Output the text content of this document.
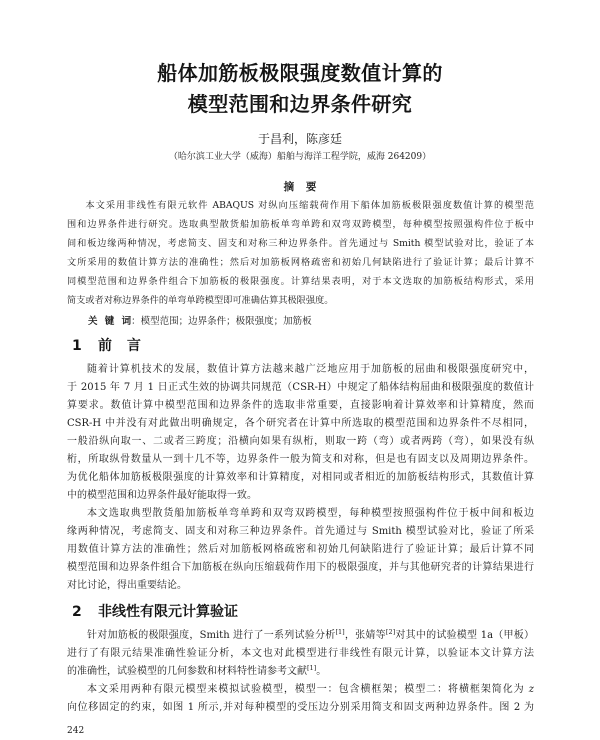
船体加筋板极限强度数值计算的
模型范围和边界条件研究
于昌利，陈彦廷
（哈尔滨工业大学（威海）船舶与海洋工程学院，威海 264209）
摘 要
本文采用非线性有限元软件 ABAQUS 对纵向压缩载荷作用下船体加筋板极限强度数值计算的模型范
围和边界条件进行研究。选取典型散货船加筋板单弯单跨和双弯双跨模型，每种模型按照强构件位于板中
间和板边缘两种情况，考虑简支、固支和对称三种边界条件。首先通过与 Smith 模型试验对比，验证了本
文所采用的数值计算方法的准确性；然后对加筋板网格疏密和初始几何缺陷进行了验证计算；最后计算不
同模型范围和边界条件组合下加筋板的极限强度。计算结果表明，对于本文选取的加筋板结构形式，采用
简支或者对称边界条件的单弯单跨模型即可准确估算其极限强度。
关 键 词：模型范围；边界条件；极限强度；加筋板
1 前 言
随着计算机技术的发展，数值计算方法越来越广泛地应用于加筋板的屈曲和极限强度研究中，
于 2015 年 7 月 1 日正式生效的协调共同规范（CSR-H）中规定了船体结构屈曲和极限强度的数值计
算要求。数值计算中模型范围和边界条件的选取非常重要，直接影响着计算效率和计算精度，然而
CSR-H 中并没有对此做出明确规定，各个研究者在计算中所选取的模型范围和边界条件不尽相同，
一般沿纵向取一、二或者三跨度；沿横向如果有纵桁，则取一跨（弯）或者两跨（弯），如果没有纵
桁，所取纵骨数量从一到十几不等，边界条件一般为简支和对称，但是也有固支以及周期边界条件。
为优化船体加筋板极限强度的计算效率和计算精度，对相同或者相近的加筋板结构形式，其数值计算
中的模型范围和边界条件最好能取得一致。
本文选取典型散货船加筋板单弯单跨和双弯双跨模型，每种模型按照强构件位于板中间和板边
缘两种情况，考虑简支、固支和对称三种边界条件。首先通过与 Smith 模型试验对比，验证了所采
用数值计算方法的准确性；然后对加筋板网格疏密和初始几何缺陷进行了验证计算；最后计算不同
模型范围和边界条件组合下加筋板在纵向压缩载荷作用下的极限强度，并与其他研究者的计算结果进行
对比讨论，得出重要结论。
2 非线性有限元计算验证
针对加筋板的极限强度，Smith 进行了一系列试验分析[1]，张婧等[2]对其中的试验模型 1a（甲板）
进行了有限元结果准确性验证分析，本文也对此模型进行非线性有限元计算，以验证本文计算方法
的准确性，试验模型的几何参数和材料特性请参考文献[1]。
本文采用两种有限元模型来模拟试验模型，模型一：包含横框架；模型二：将横框架简化为 z
向位移固定的约束，如图 1 所示,并对每种模型的受压边分别采用简支和固支两种边界条件。图 2 为
242
